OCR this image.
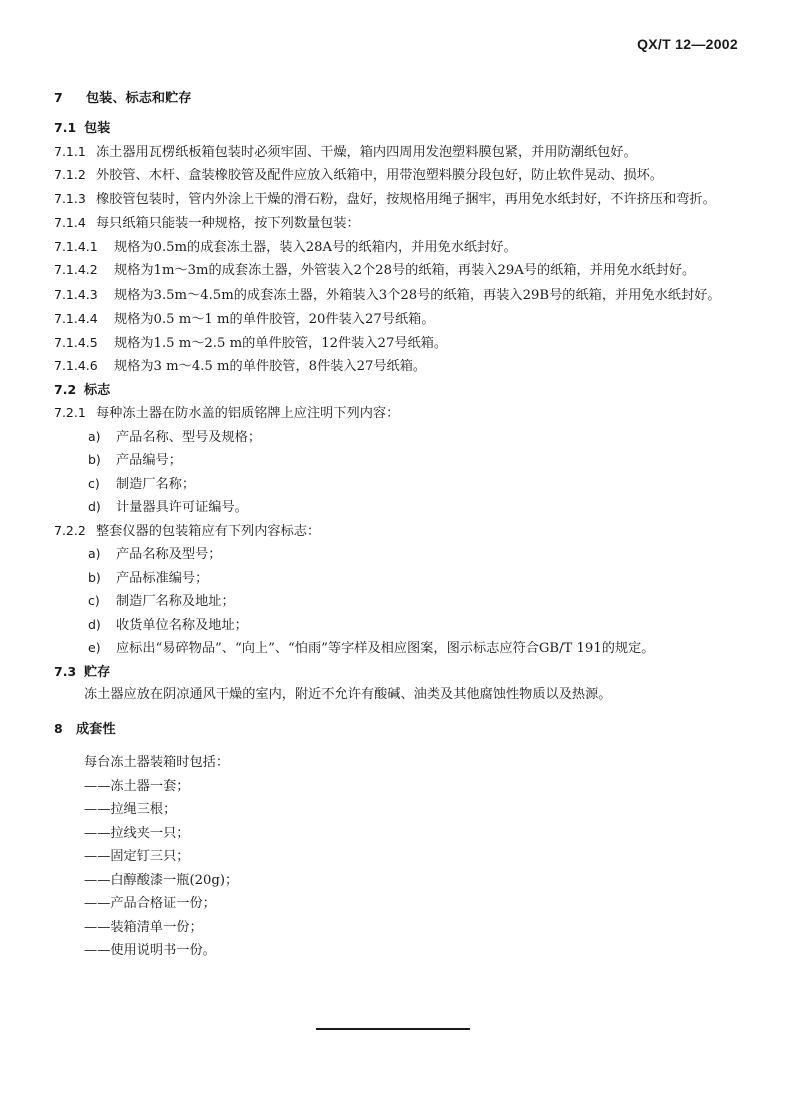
QX/T 12—2002
7 包装、标志和贮存
7.1 包装
7.1.1 冻土器用瓦楞纸板箱包装时必须牢固、干燥，箱内四周用发泡塑料膜包紧，并用防潮纸包好。
7.1.2 外胶管、木杆、盒装橡胶管及配件应放入纸箱中，用带泡塑料膜分段包好，防止软件晃动、损坏。
7.1.3 橡胶管包装时，管内外涂上干燥的滑石粉，盘好，按规格用绳子捆牢，再用免水纸封好，不许挤压和弯折。
7.1.4 每只纸箱只能装一种规格，按下列数量包装：
7.1.4.1 规格为0.5m的成套冻土器，装入28A号的纸箱内，并用免水纸封好。
7.1.4.2 规格为1m～3m的成套冻土器，外管装入2个28号的纸箱，再装入29A号的纸箱，并用免水纸封好。
7.1.4.3 规格为3.5m～4.5m的成套冻土器，外箱装入3个28号的纸箱，再装入29B号的纸箱，并用免水纸封好。
7.1.4.4 规格为0.5 m～1 m的单件胶管，20件装入27号纸箱。
7.1.4.5 规格为1.5 m～2.5 m的单件胶管，12件装入27号纸箱。
7.1.4.6 规格为3 m～4.5 m的单件胶管，8件装入27号纸箱。
7.2 标志
7.2.1 每种冻土器在防水盖的铝质铭牌上应注明下列内容：
a) 产品名称、型号及规格；
b) 产品编号；
c) 制造厂名称；
d) 计量器具许可证编号。
7.2.2 整套仪器的包装箱应有下列内容标志：
a) 产品名称及型号；
b) 产品标准编号；
c) 制造厂名称及地址；
d) 收货单位名称及地址；
e) 应标出“易碎物品”、“向上”、“怕雨”等字样及相应图案，图示标志应符合GB/T 191的规定。
7.3 贮存
冻土器应放在阴凉通风干燥的室内，附近不允许有酸碱、油类及其他腐蚀性物质以及热源。
8 成套性
每台冻土器装箱时包括：
——冻土器一套；
——拉绳三根；
——拉线夹一只；
——固定钉三只；
——白醇酸漆一瓶(20g)；
——产品合格证一份；
——装箱清单一份；
——使用说明书一份。
